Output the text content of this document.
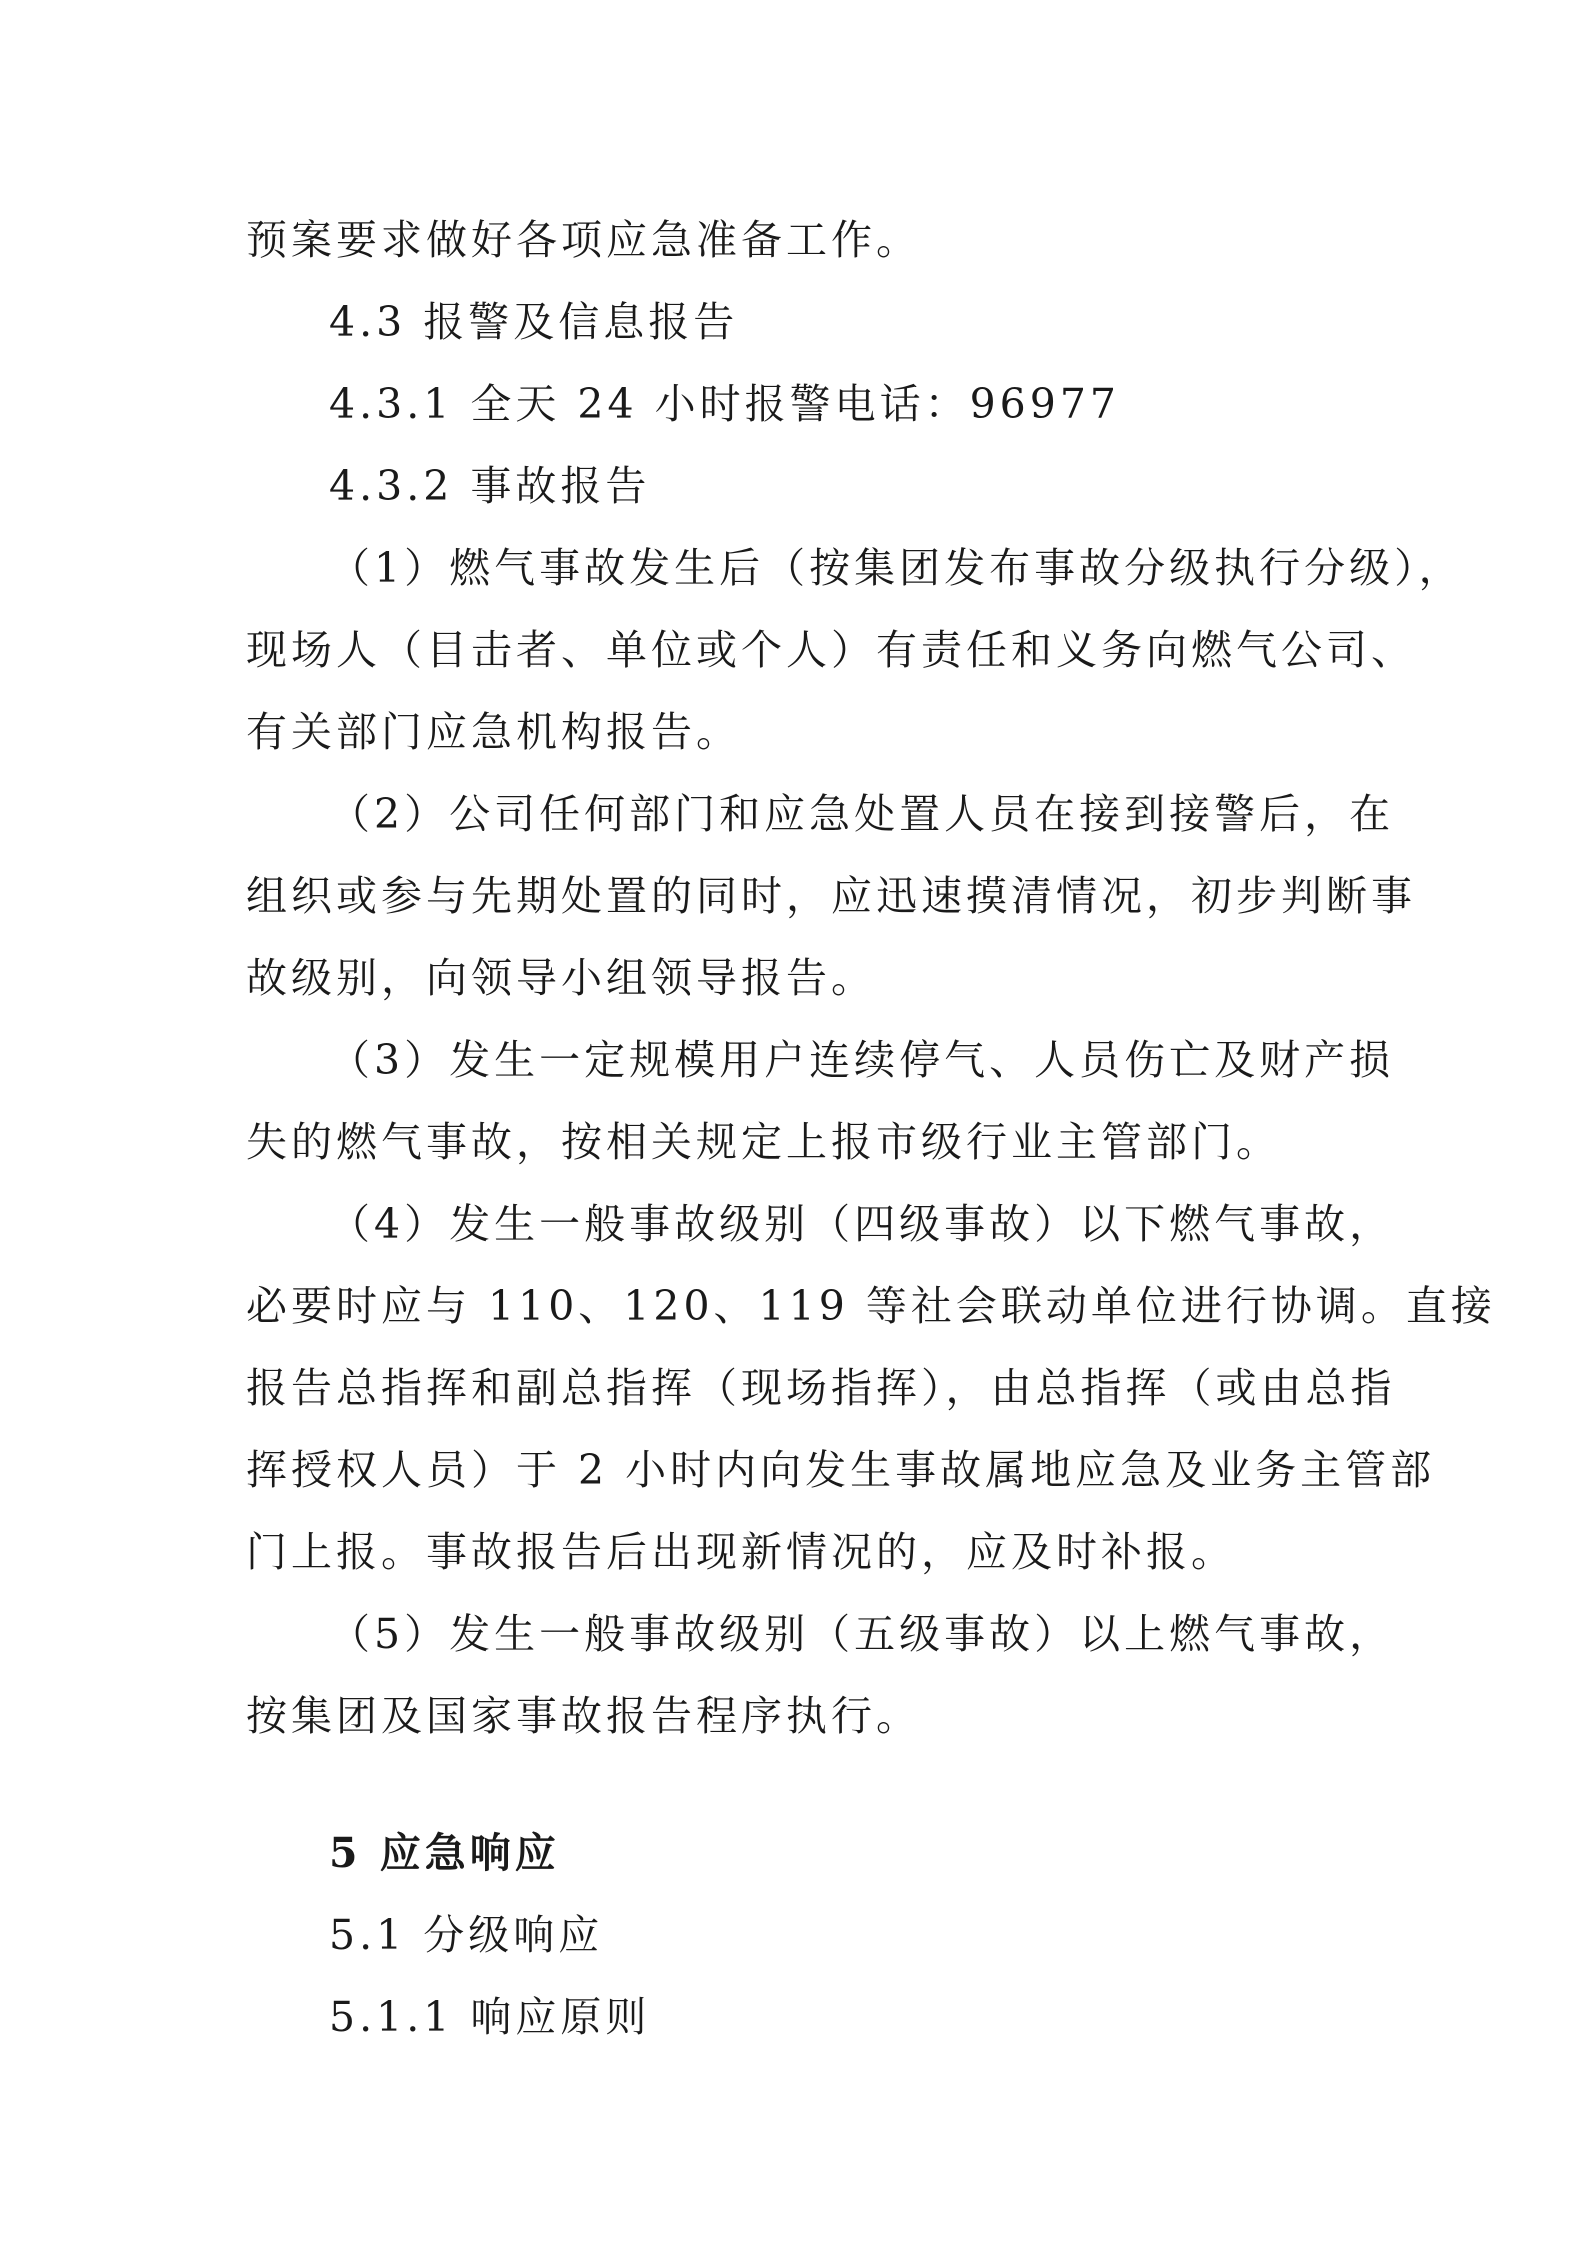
预案要求做好各项应急准备工作。
4.3 报警及信息报告
4.3.1 全天 24 小时报警电话：96977
4.3.2 事故报告
（1）燃气事故发生后（按集团发布事故分级执行分级），
现场人（目击者、单位或个人）有责任和义务向燃气公司、
有关部门应急机构报告。
（2）公司任何部门和应急处置人员在接到接警后，在
组织或参与先期处置的同时，应迅速摸清情况，初步判断事
故级别，向领导小组领导报告。
（3）发生一定规模用户连续停气、人员伤亡及财产损
失的燃气事故，按相关规定上报市级行业主管部门。
（4）发生一般事故级别（四级事故）以下燃气事故，
必要时应与 110、120、119 等社会联动单位进行协调。直接
报告总指挥和副总指挥（现场指挥），由总指挥（或由总指
挥授权人员）于 2 小时内向发生事故属地应急及业务主管部
门上报。事故报告后出现新情况的，应及时补报。
（5）发生一般事故级别（五级事故）以上燃气事故，
按集团及国家事故报告程序执行。
5 应急响应
5.1 分级响应
5.1.1 响应原则
